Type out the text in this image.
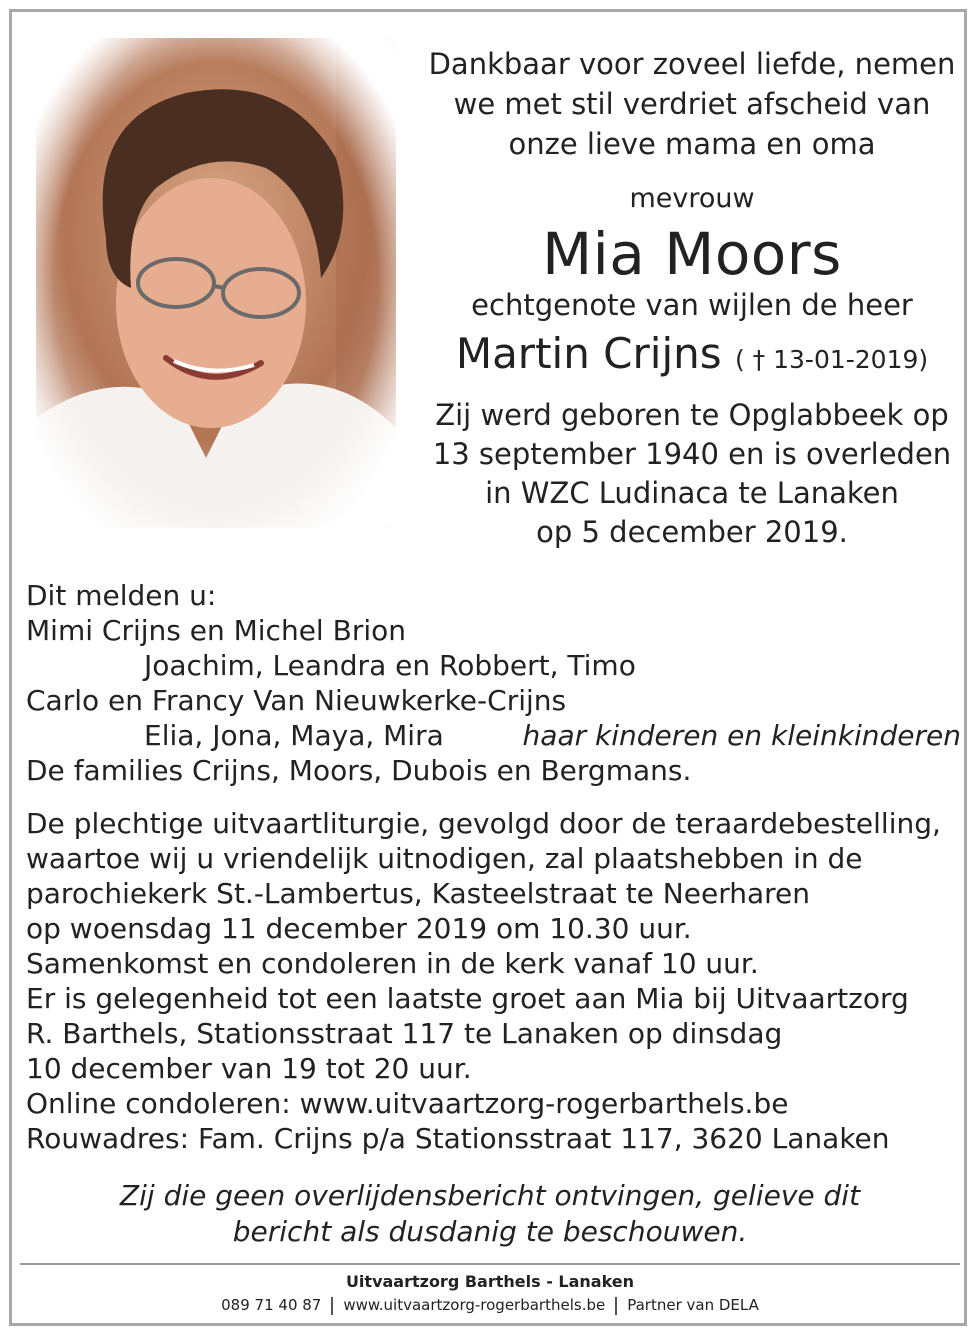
Dankbaar voor zoveel liefde, nemen

we met stil verdriet afscheid van

onze lieve mama en oma

mevrouw

Mia Moors

echtgenote van wijlen de heer

Martin Crijns ( † 13-01-2019)

Zij werd geboren te Opglabbeek op
13 september 1940 en is overleden
in WZC Ludinaca te Lanaken
op 5 december 2019.

Dit melden u:

Mimi Crijns en Michel Brion

Joachim, Leandra en Robbert, Timo

Carlo en Francy Van Nieuwkerke-Crijns

Elia, Jona, Maya, Mira	haar kinderen en kleinkinderen

De families Crijns, Moors, Dubois en Bergmans.

De plechtige uitvaartliturgie, gevolgd door de teraardebestelling,

waartoe wij u vriendelijk uitnodigen, zal plaatshebben in de

parochiekerk St.-Lambertus, Kasteelstraat te Neerharen

op woensdag 11 december 2019 om 10.30 uur.

Samenkomst en condoleren in de kerk vanaf 10 uur.

Er is gelegenheid tot een laatste groet aan Mia bij Uitvaartzorg

R. Barthels, Stationsstraat 117 te Lanaken op dinsdag

10 december van 19 tot 20 uur.

Online condoleren: www.uitvaartzorg-rogerbarthels.be

Rouwadres: Fam. Crijns p/a Stationsstraat 117, 3620 Lanaken

Zij die geen overlijdensbericht ontvingen, gelieve dit
bericht als dusdanig te beschouwen.
Uitvaartzorg Barthels - Lanaken
089 71 40 87 www.uitvaartzorg-rogerbarthels.be Partner van DELA
